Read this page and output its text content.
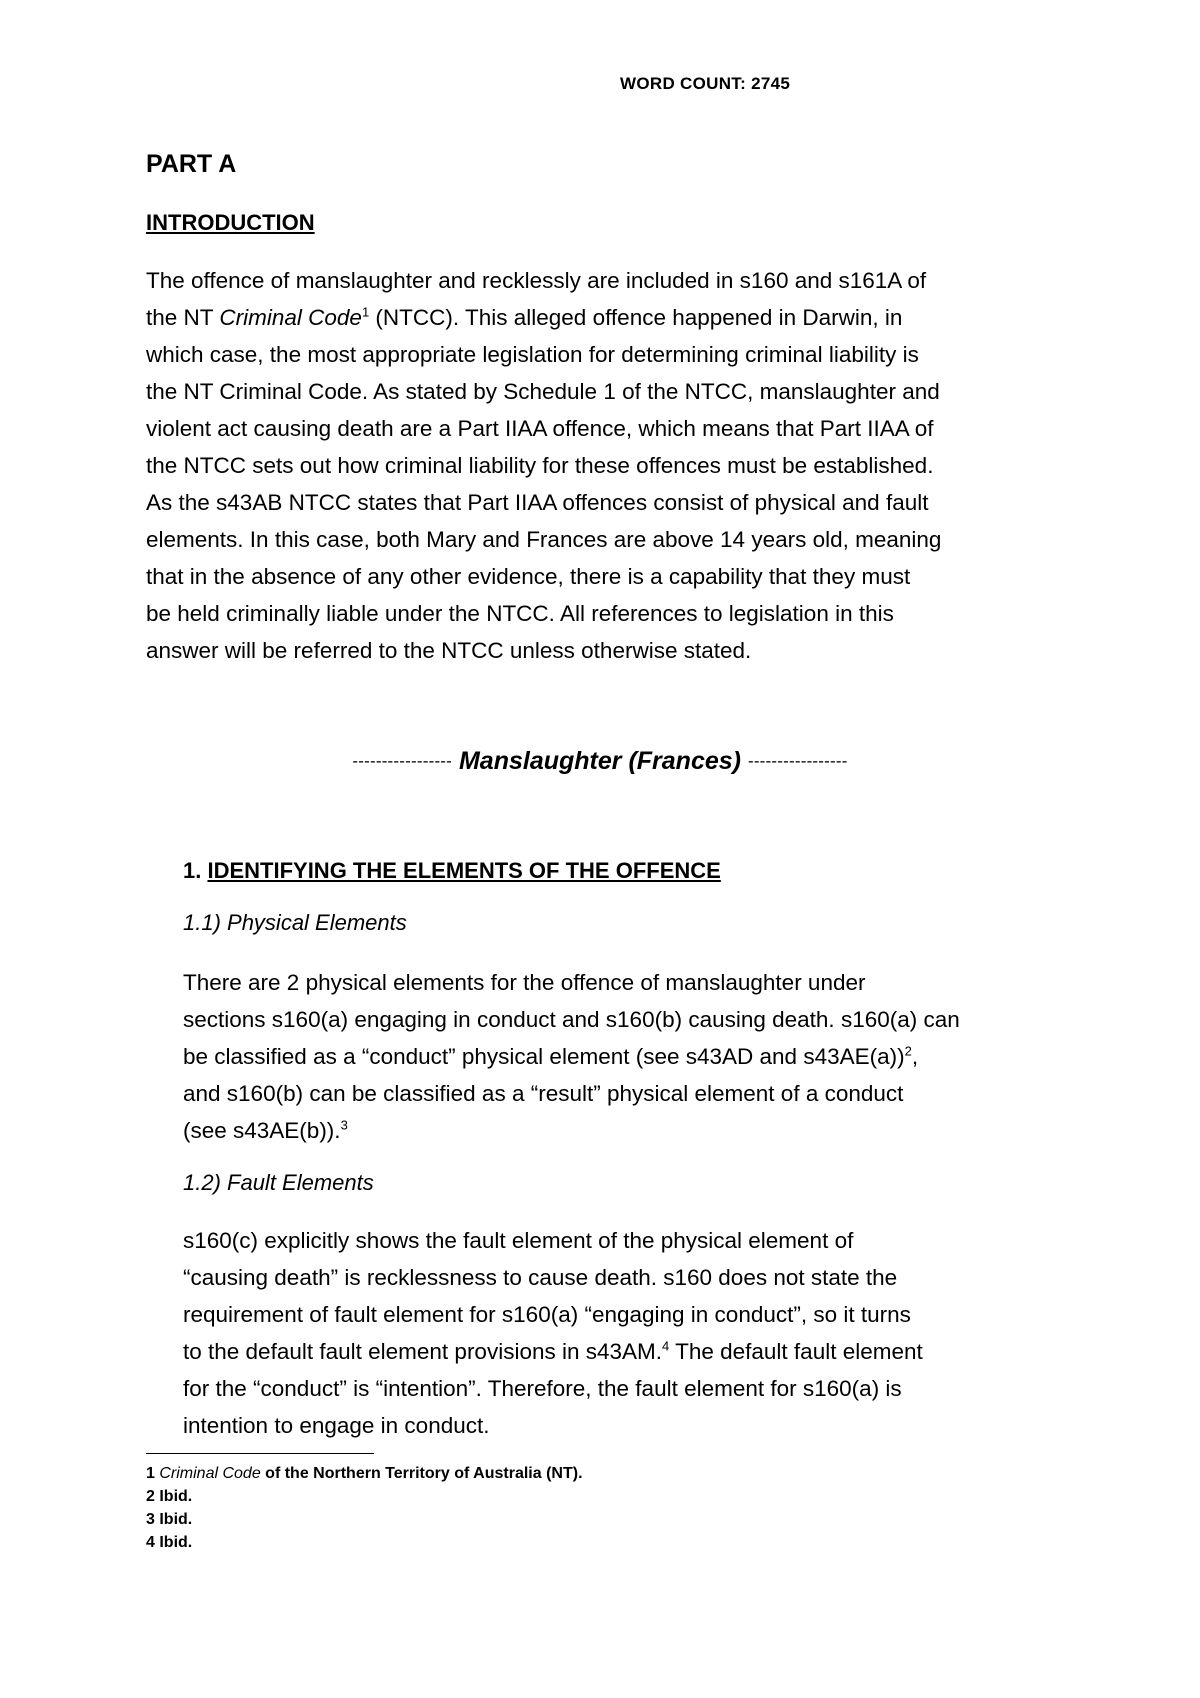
WORD COUNT: 2745
PART A
INTRODUCTION

The offence of manslaughter and recklessly are included in s160 and s161A of
the NT Criminal Code$^1$ (NTCC). This alleged offence happened in Darwin, in
which case, the most appropriate legislation for determining criminal liability is
the NT Criminal Code. As stated by Schedule 1 of the NTCC, manslaughter and
violent act causing death are a Part IIAA offence, which means that Part IIAA of
the NTCC sets out how criminal liability for these offences must be established.
As the s43AB NTCC states that Part IIAA offences consist of physical and fault
elements. In this case, both Mary and Frances are above 14 years old, meaning
that in the absence of any other evidence, there is a capability that they must
be held criminally liable under the NTCC. All references to legislation in this
answer will be referred to the NTCC unless otherwise stated.

----------------- Manslaughter (Frances) -----------------
1. IDENTIFYING THE ELEMENTS OF THE OFFENCE
1.1) Physical Elements

There are 2 physical elements for the offence of manslaughter under
sections s160(a) engaging in conduct and s160(b) causing death. s160(a) can
be classified as a “conduct” physical element (see s43AD and s43AE(a))$^2$,
and s160(b) can be classified as a “result” physical element of a conduct
(see s43AE(b)).$^3$

1.2) Fault Elements

s160(c) explicitly shows the fault element of the physical element of
“causing death” is recklessness to cause death. s160 does not state the
requirement of fault element for s160(a) “engaging in conduct”, so it turns
to the default fault element provisions in s43AM.$^4$ The default fault element
for the “conduct” is “intention”. Therefore, the fault element for s160(a) is
intention to engage in conduct.

1 Criminal Code of the Northern Territory of Australia (NT).
2 Ibid.
3 Ibid.
4 Ibid.
